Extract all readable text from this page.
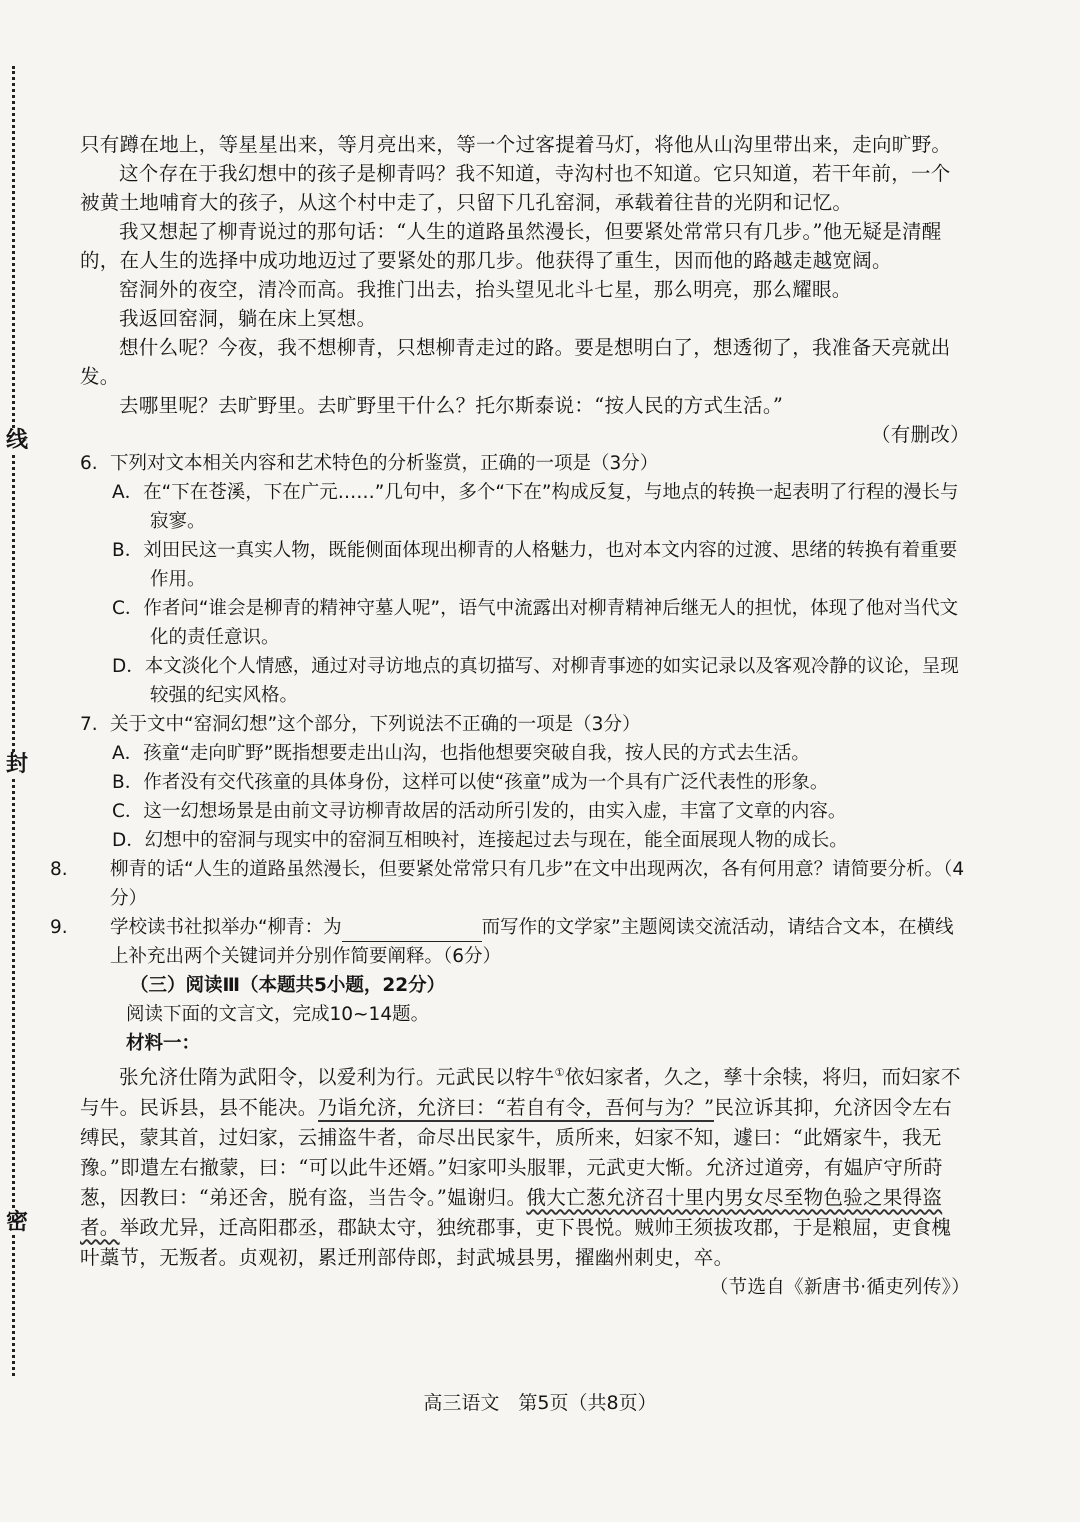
线
封
密

只有蹲在地上，等星星出来，等月亮出来，等一个过客提着马灯，将他从山沟里带出来，走向旷野。

这个存在于我幻想中的孩子是柳青吗？我不知道，寺沟村也不知道。它只知道，若干年前，一个被黄土地哺育大的孩子，从这个村中走了，只留下几孔窑洞，承载着往昔的光阴和记忆。

我又想起了柳青说过的那句话：“人生的道路虽然漫长，但要紧处常常只有几步。”他无疑是清醒的，在人生的选择中成功地迈过了要紧处的那几步。他获得了重生，因而他的路越走越宽阔。

窑洞外的夜空，清冷而高。我推门出去，抬头望见北斗七星，那么明亮，那么耀眼。

我返回窑洞，躺在床上冥想。

想什么呢？今夜，我不想柳青，只想柳青走过的路。要是想明白了，想透彻了，我准备天亮就出发。

去哪里呢？去旷野里。去旷野里干什么？托尔斯泰说：“按人民的方式生活。”

（有删改）

6. 下列对文本相关内容和艺术特色的分析鉴赏，正确的一项是（3分）

A．在“下在苍溪，下在广元……”几句中，多个“下在”构成反复，与地点的转换一起表明了行程的漫长与寂寥。

B．刘田民这一真实人物，既能侧面体现出柳青的人格魅力，也对本文内容的过渡、思绪的转换有着重要作用。

C．作者问“谁会是柳青的精神守墓人呢”，语气中流露出对柳青精神后继无人的担忧，体现了他对当代文化的责任意识。

D．本文淡化个人情感，通过对寻访地点的真切描写、对柳青事迹的如实记录以及客观冷静的议论，呈现较强的纪实风格。

7. 关于文中“窑洞幻想”这个部分，下列说法不正确的一项是（3分）

A．孩童“走向旷野”既指想要走出山沟，也指他想要突破自我，按人民的方式去生活。

B．作者没有交代孩童的具体身份，这样可以使“孩童”成为一个具有广泛代表性的形象。

C．这一幻想场景是由前文寻访柳青故居的活动所引发的，由实入虚，丰富了文章的内容。

D．幻想中的窑洞与现实中的窑洞互相映衬，连接起过去与现在，能全面展现人物的成长。

8. 柳青的话“人生的道路虽然漫长，但要紧处常常只有几步”在文中出现两次，各有何用意？请简要分析。（4分）

9. 学校读书社拟举办“柳青：为	而写作的文学家”主题阅读交流活动，请结合文本，在横线上补充出两个关键词并分别作简要阐释。（6分）

（三）阅读Ⅲ（本题共5小题，22分）

阅读下面的文言文，完成10~14题。

材料一：

张允济仕隋为武阳令，以爱利为行。元武民以牸牛①依妇家者，久之，孳十余犊，将归，而妇家不与牛。民诉县，县不能决。乃诣允济，允济曰：“若自有令，吾何与为？”民泣诉其抑，允济因令左右缚民，蒙其首，过妇家，云捕盗牛者，命尽出民家牛，质所来，妇家不知，遽曰：“此婿家牛，我无豫。”即遣左右撤蒙，曰：“可以此牛还婿。”妇家叩头服罪，元武吏大惭。允济过道旁，有媪庐守所莳葱，因教曰：“弟还舍，脱有盗，当告令。”媪谢归。俄大亡葱允济召十里内男女尽至物色验之果得盗者。举政尤异，迁高阳郡丞，郡缺太守，独统郡事，吏下畏悦。贼帅王须拔攻郡，于是粮屈，吏食槐叶藁节，无叛者。贞观初，累迁刑部侍郎，封武城县男，擢幽州刺史，卒。

（节选自《新唐书·循吏列传》）

高三语文　第5页（共8页）
